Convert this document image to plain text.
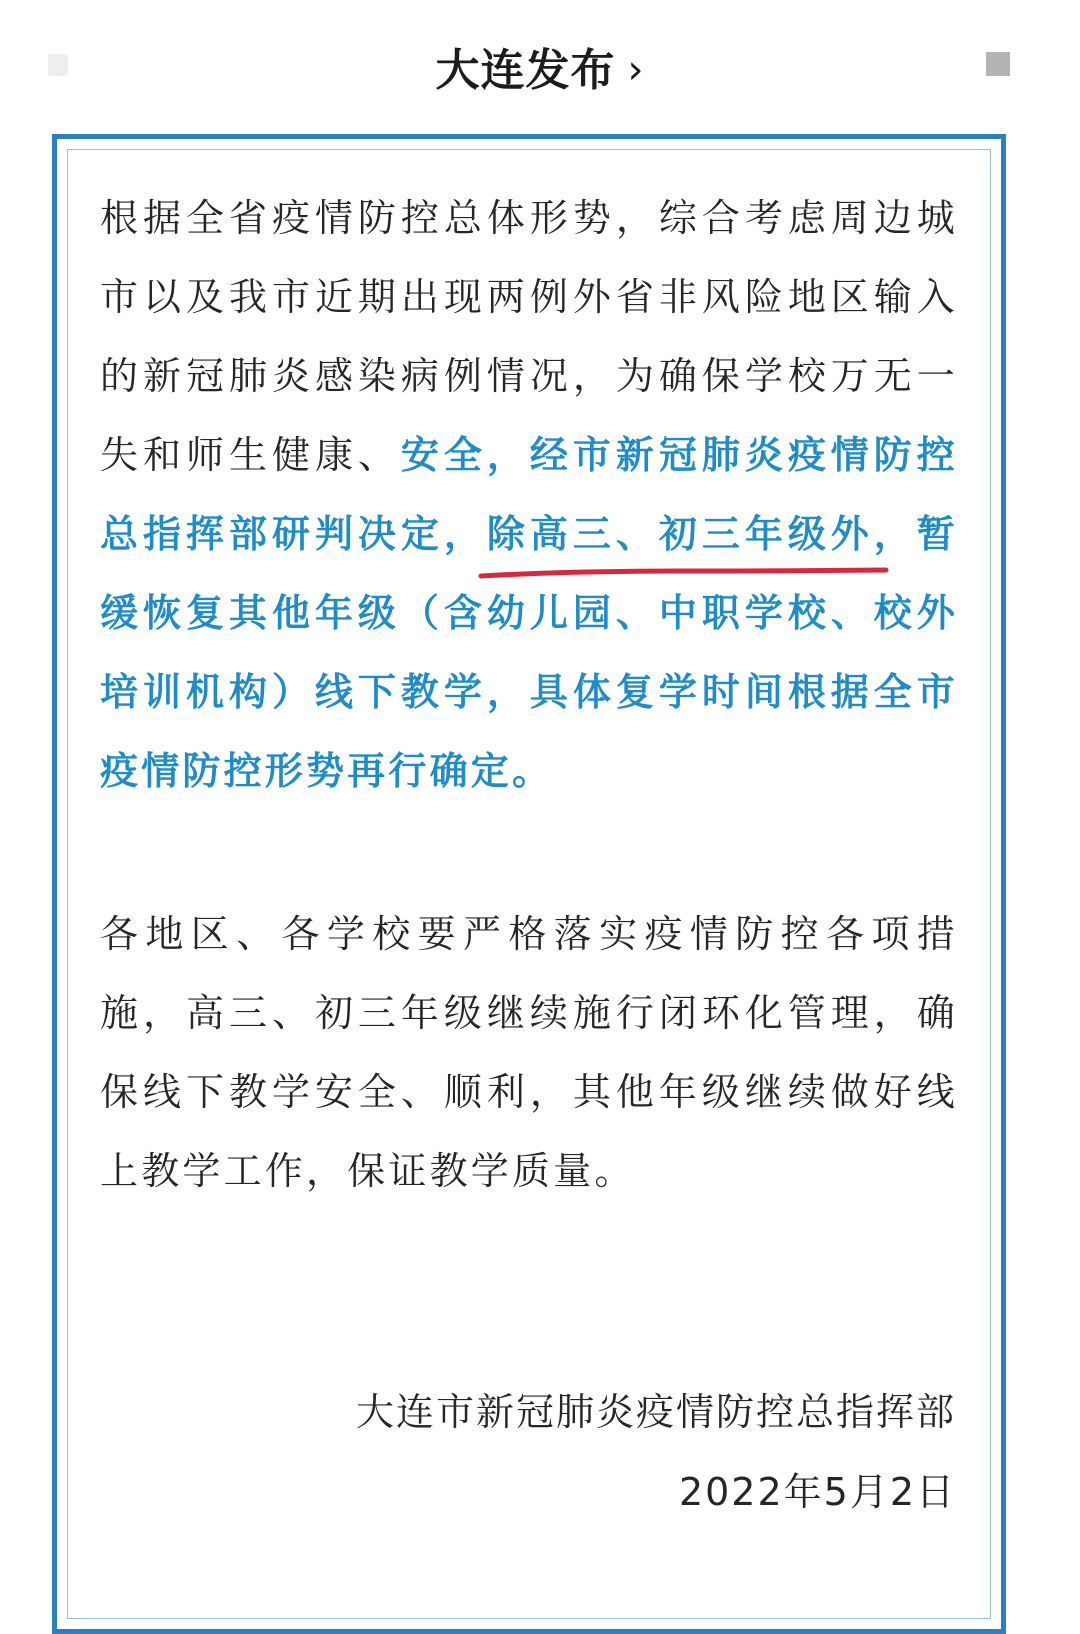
大连发布 ›
根据全省疫情防控总体形势，综合考虑周边城市以及我市近期出现两例外省非风险地区输入的新冠肺炎感染病例情况，为确保学校万无一失和师生健康、安全，经市新冠肺炎疫情防控总指挥部研判决定，除高三、初三年级外，暂缓恢复其他年级（含幼儿园、中职学校、校外培训机构）线下教学，具体复学时间根据全市疫情防控形势再行确定。
各地区、各学校要严格落实疫情防控各项措施，高三、初三年级继续施行闭环化管理，确保线下教学安全、顺利，其他年级继续做好线上教学工作，保证教学质量。
大连市新冠肺炎疫情防控总指挥部
2022年5月2日
